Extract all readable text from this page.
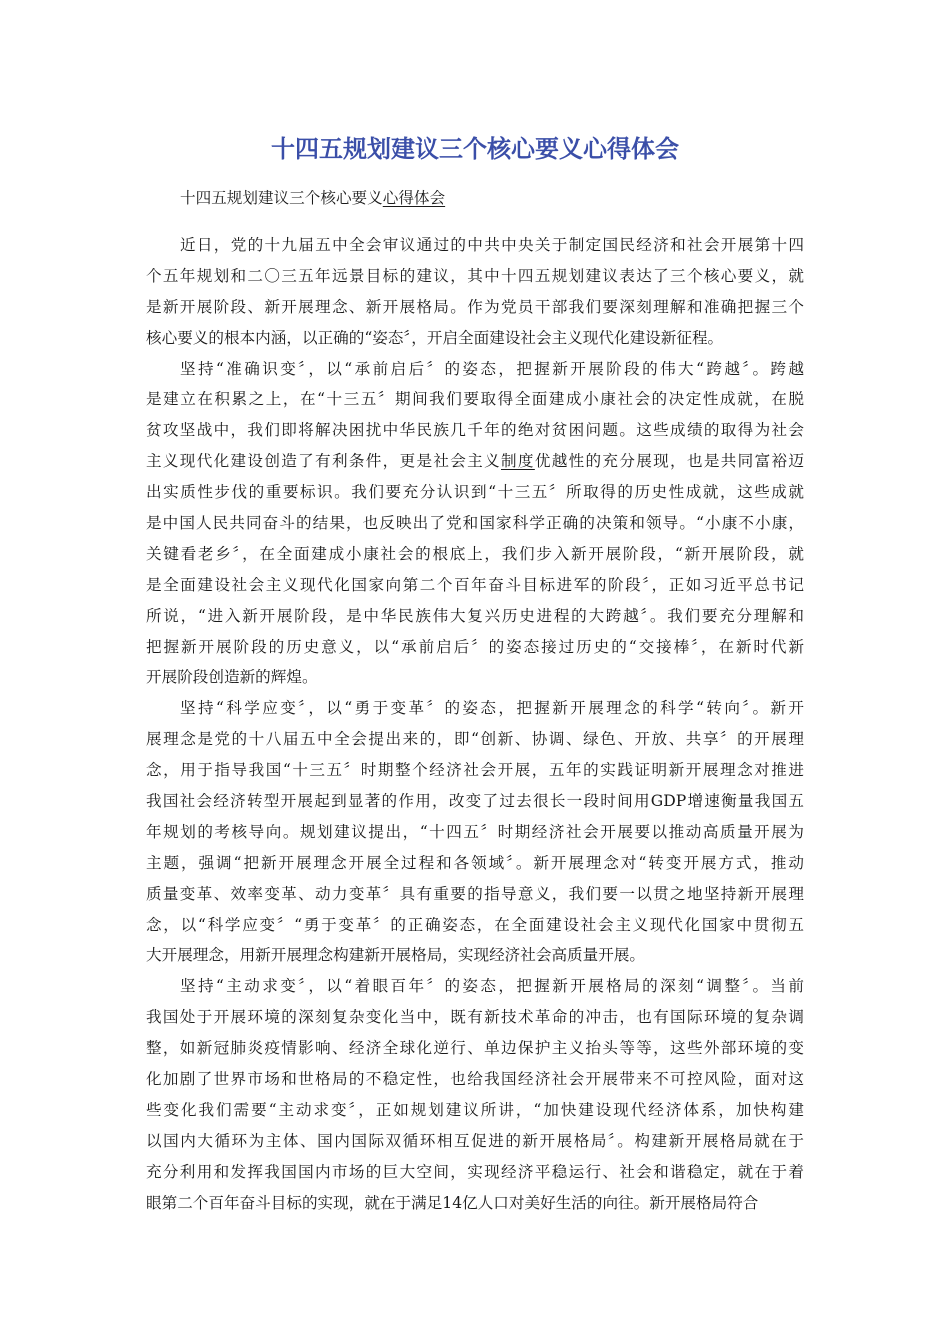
十四五规划建议三个核心要义心得体会

十四五规划建议三个核心要义心得体会

近日，党的十九届五中全会审议通过的中共中央关于制定国民经济和社会开展第十四
个五年规划和二〇三五年远景目标的建议，其中十四五规划建议表达了三个核心要义，就
是新开展阶段、新开展理念、新开展格局。作为党员干部我们要深刻理解和准确把握三个
核心要义的根本内涵，以正确的“姿态〞，开启全面建设社会主义现代化建设新征程。

坚持“准确识变〞，以“承前启后〞的姿态，把握新开展阶段的伟大“跨越〞。跨越
是建立在积累之上，在“十三五〞期间我们要取得全面建成小康社会的决定性成就，在脱
贫攻坚战中，我们即将解决困扰中华民族几千年的绝对贫困问题。这些成绩的取得为社会
主义现代化建设创造了有利条件，更是社会主义制度优越性的充分展现，也是共同富裕迈
出实质性步伐的重要标识。我们要充分认识到“十三五〞所取得的历史性成就，这些成就
是中国人民共同奋斗的结果，也反映出了党和国家科学正确的决策和领导。“小康不小康，
关键看老乡〞，在全面建成小康社会的根底上，我们步入新开展阶段，“新开展阶段，就
是全面建设社会主义现代化国家向第二个百年奋斗目标进军的阶段〞，正如习近平总书记
所说，“进入新开展阶段，是中华民族伟大复兴历史进程的大跨越〞。我们要充分理解和
把握新开展阶段的历史意义，以“承前启后〞的姿态接过历史的“交接棒〞，在新时代新
开展阶段创造新的辉煌。

坚持“科学应变〞，以“勇于变革〞的姿态，把握新开展理念的科学“转向〞。新开
展理念是党的十八届五中全会提出来的，即“创新、协调、绿色、开放、共享〞的开展理
念，用于指导我国“十三五〞时期整个经济社会开展，五年的实践证明新开展理念对推进
我国社会经济转型开展起到显著的作用，改变了过去很长一段时间用GDP增速衡量我国五
年规划的考核导向。规划建议提出，“十四五〞时期经济社会开展要以推动高质量开展为
主题，强调“把新开展理念开展全过程和各领域〞。新开展理念对“转变开展方式，推动
质量变革、效率变革、动力变革〞具有重要的指导意义，我们要一以贯之地坚持新开展理
念，以“科学应变〞“勇于变革〞的正确姿态，在全面建设社会主义现代化国家中贯彻五
大开展理念，用新开展理念构建新开展格局，实现经济社会高质量开展。

坚持“主动求变〞，以“着眼百年〞的姿态，把握新开展格局的深刻“调整〞。当前
我国处于开展环境的深刻复杂变化当中，既有新技术革命的冲击，也有国际环境的复杂调
整，如新冠肺炎疫情影响、经济全球化逆行、单边保护主义抬头等等，这些外部环境的变
化加剧了世界市场和世格局的不稳定性，也给我国经济社会开展带来不可控风险，面对这
些变化我们需要“主动求变〞，正如规划建议所讲，“加快建设现代经济体系，加快构建
以国内大循环为主体、国内国际双循环相互促进的新开展格局〞。构建新开展格局就在于
充分利用和发挥我国国内市场的巨大空间，实现经济平稳运行、社会和谐稳定，就在于着
眼第二个百年奋斗目标的实现，就在于满足14亿人口对美好生活的向往。新开展格局符合
